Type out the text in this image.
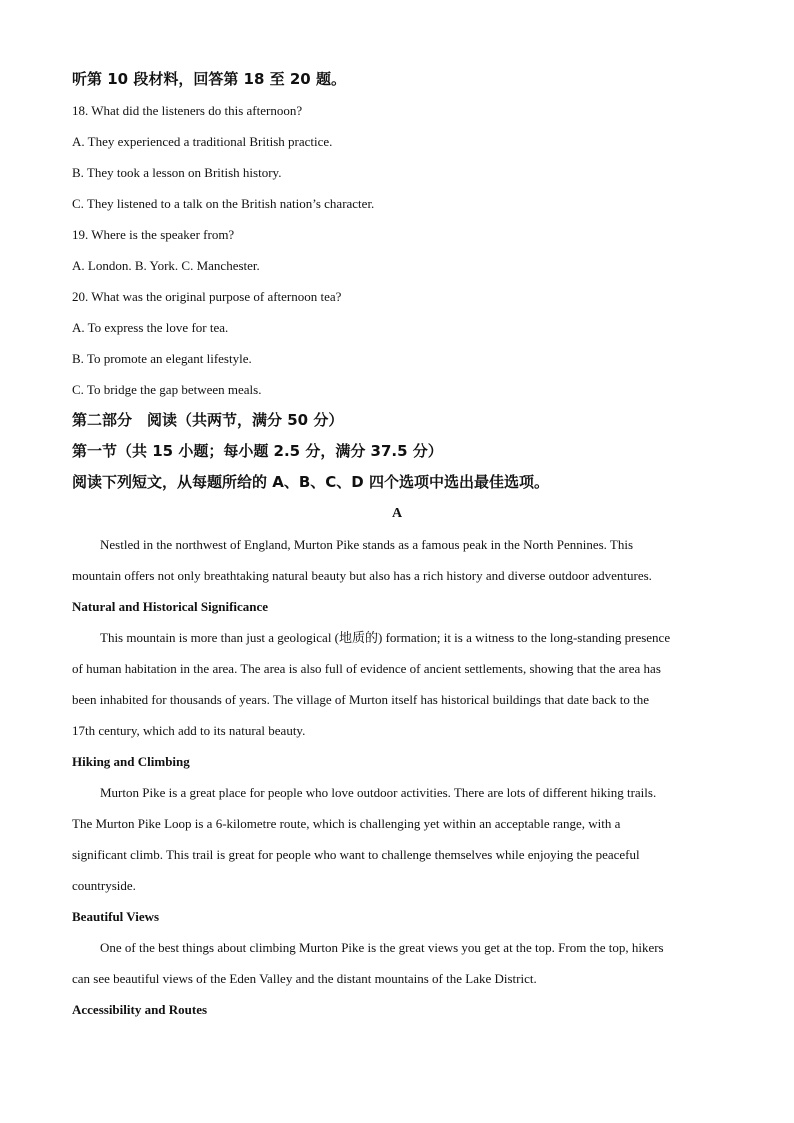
听第 10 段材料，回答第 18 至 20 题。
18. What did the listeners do this afternoon?
A. They experienced a traditional British practice.
B. They took a lesson on British history.
C. They listened to a talk on the British nation’s character.
19. Where is the speaker from?
A. London. B. York. C. Manchester.
20. What was the original purpose of afternoon tea?
A. To express the love for tea.
B. To promote an elegant lifestyle.
C. To bridge the gap between meals.
第二部分　阅读（共两节，满分 50 分）
第一节（共 15 小题；每小题 2.5 分，满分 37.5 分）
阅读下列短文，从每题所给的 A、B、C、D 四个选项中选出最佳选项。
A
Nestled in the northwest of England, Murton Pike stands as a famous peak in the North Pennines. This
mountain offers not only breathtaking natural beauty but also has a rich history and diverse outdoor adventures.
Natural and Historical Significance
This mountain is more than just a geological (地质的) formation; it is a witness to the long-standing presence
of human habitation in the area. The area is also full of evidence of ancient settlements, showing that the area has
been inhabited for thousands of years. The village of Murton itself has historical buildings that date back to the
17th century, which add to its natural beauty.
Hiking and Climbing
Murton Pike is a great place for people who love outdoor activities. There are lots of different hiking trails.
The Murton Pike Loop is a 6-kilometre route, which is challenging yet within an acceptable range, with a
significant climb. This trail is great for people who want to challenge themselves while enjoying the peaceful
countryside.
Beautiful Views
One of the best things about climbing Murton Pike is the great views you get at the top. From the top, hikers
can see beautiful views of the Eden Valley and the distant mountains of the Lake District.
Accessibility and Routes
